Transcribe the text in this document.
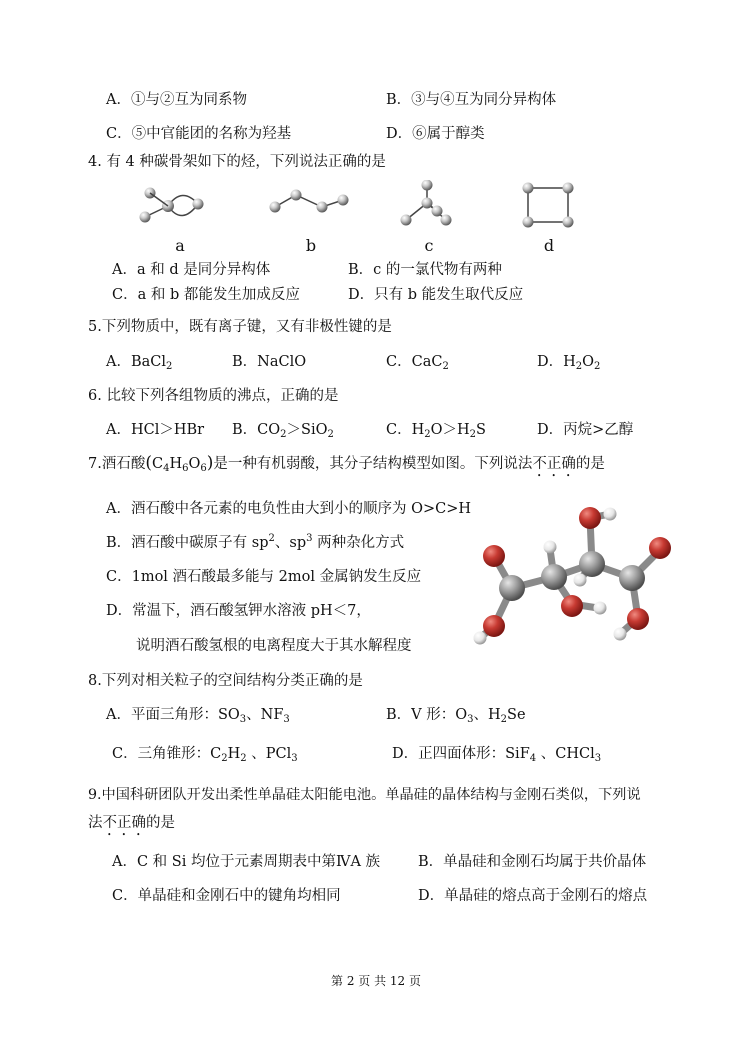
A．①与②互为同系物	B．③与④互为同分异构体
C．⑤中官能团的名称为羟基	D．⑥属于醇类
4. 有 4 种碳骨架如下的烃，下列说法正确的是
a	b	c	d
A．a 和 d 是同分异构体	B．c 的一氯代物有两种
C．a 和 b 都能发生加成反应	D．只有 b 能发生取代反应
5.下列物质中，既有离子键，又有非极性键的是
A．BaCl$_2$	B．NaClO	C．CaC$_2$	D．$H_2O_2$
6. 比较下列各组物质的沸点，正确的是
A．HCl＞HBr B．$CO_2>SiO_2$	C．$H_2O>H_2S$	D．丙烷>乙醇
7.酒石酸$(C_4H_6O_6)$是一种有机弱酸，其分子结构模型如图。下列说法不正确的是
A．酒石酸中各元素的电负性由大到小的顺序为 O>C>H
B．酒石酸中碳原子有 $sp^2$、$sp^3$ 两种杂化方式
C．1mol 酒石酸最多能与 2mol 金属钠发生反应
D．常温下，酒石酸氢钾水溶液 pH＜7，
说明酒石酸氢根的电离程度大于其水解程度
8.下列对相关粒子的空间结构分类正确的是
A．平面三角形：$SO_3$、$NF_3$	B．V 形：$O_3$、$H_2Se$
C．三角锥形：$C_2H_2$ 、PCl$_3$	D．正四面体形：SiF$_4$ 、CHCl$_3$
9.中国科研团队开发出柔性单晶硅太阳能电池。单晶硅的晶体结构与金刚石类似，下列说
法不正确的是
A．C 和 Si 均位于元素周期表中第ⅣA 族	B．单晶硅和金刚石均属于共价晶体
C．单晶硅和金刚石中的键角均相同	D．单晶硅的熔点高于金刚石的熔点
第 2 页 共 12 页
